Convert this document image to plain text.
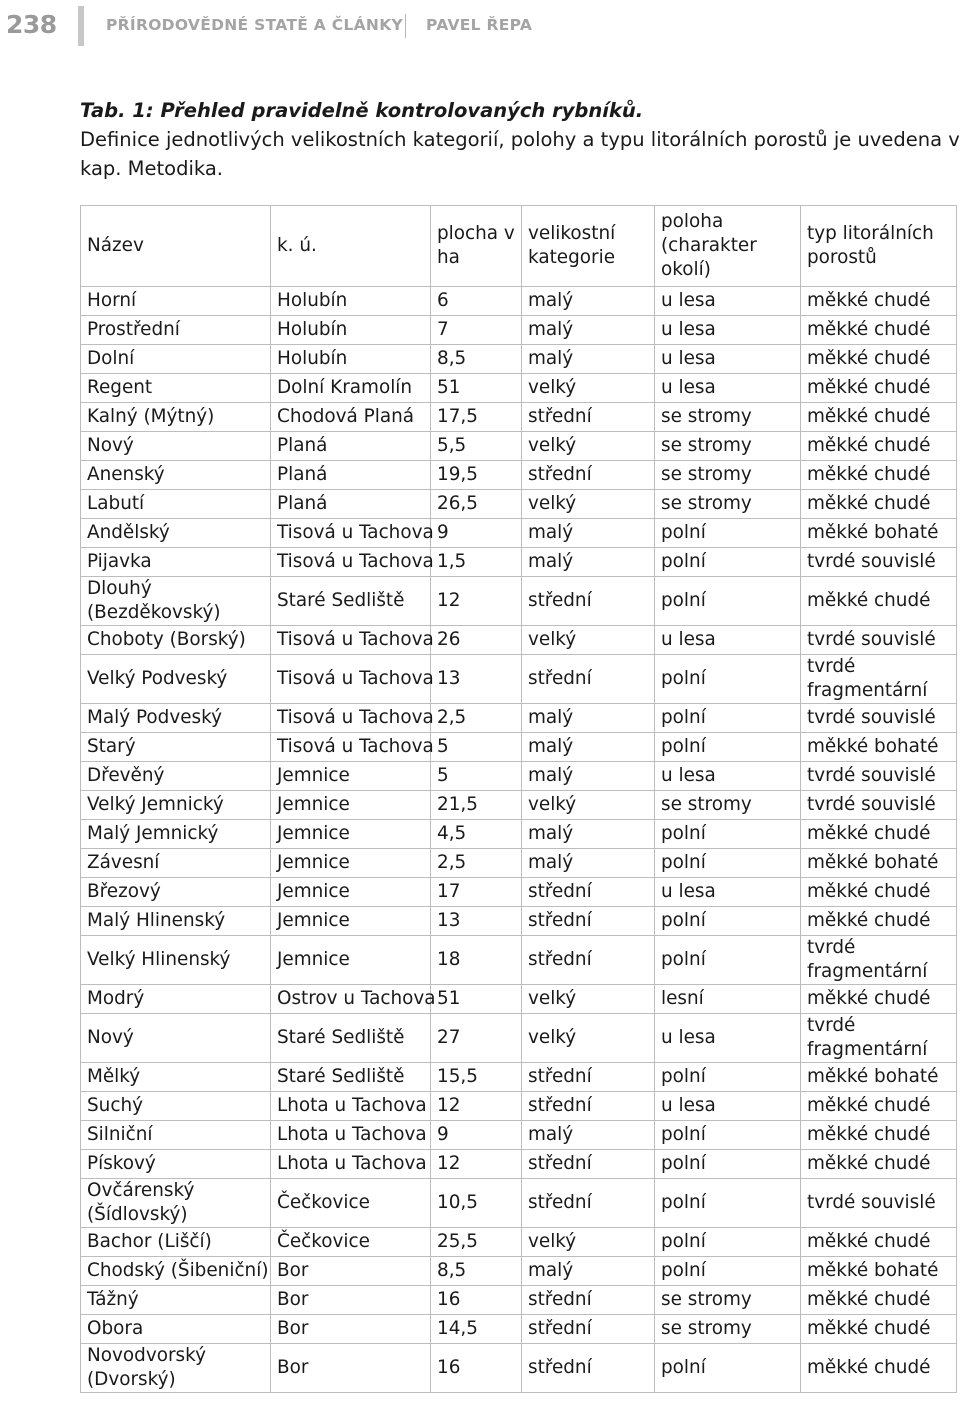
238	PŘÍRODOVĚDNÉ STATĚ A ČLÁNKY PAVEL ŘEPA
Tab. 1: Přehled pravidelně kontrolovaných rybníků.
Definice jednotlivých velikostních kategorií, polohy a typu litorálních porostů je uvedena v kap. Metodika.
Název	k. ú.	plocha v ha	velikostní kategorie	poloha (charakter okolí)	typ litorálních porostů
Horní	Holubín	6	malý	u lesa	měkké chudé
Prostřední	Holubín	7	malý	u lesa	měkké chudé
Dolní	Holubín	8,5	malý	u lesa	měkké chudé
Regent	Dolní Kramolín	51	velký	u lesa	měkké chudé
Kalný (Mýtný)	Chodová Planá	17,5	střední	se stromy	měkké chudé
Nový	Planá	5,5	velký	se stromy	měkké chudé
Anenský	Planá	19,5	střední	se stromy	měkké chudé
Labutí	Planá	26,5	velký	se stromy	měkké chudé
Andělský	Tisová u Tachova	9	malý	polní	měkké bohaté
Pijavka	Tisová u Tachova	1,5	malý	polní	tvrdé souvislé
Dlouhý (Bezděkovský)	Staré Sedliště	12	střední	polní	měkké chudé
Choboty (Borský)	Tisová u Tachova	26	velký	u lesa	tvrdé souvislé
Velký Podveský	Tisová u Tachova	13	střední	polní	tvrdé fragmentární
Malý Podveský	Tisová u Tachova	2,5	malý	polní	tvrdé souvislé
Starý	Tisová u Tachova	5	malý	polní	měkké bohaté
Dřevěný	Jemnice	5	malý	u lesa	tvrdé souvislé
Velký Jemnický	Jemnice	21,5	velký	se stromy	tvrdé souvislé
Malý Jemnický	Jemnice	4,5	malý	polní	měkké chudé
Závesní	Jemnice	2,5	malý	polní	měkké bohaté
Březový	Jemnice	17	střední	u lesa	měkké chudé
Malý Hlinenský	Jemnice	13	střední	polní	měkké chudé
Velký Hlinenský	Jemnice	18	střední	polní	tvrdé fragmentární
Modrý	Ostrov u Tachova	51	velký	lesní	měkké chudé
Nový	Staré Sedliště	27	velký	u lesa	tvrdé fragmentární
Mělký	Staré Sedliště	15,5	střední	polní	měkké bohaté
Suchý	Lhota u Tachova	12	střední	u lesa	měkké chudé
Silniční	Lhota u Tachova	9	malý	polní	měkké chudé
Pískový	Lhota u Tachova	12	střední	polní	měkké chudé
Ovčárenský (Šídlovský)	Čečkovice	10,5	střední	polní	tvrdé souvislé
Bachor (Liščí)	Čečkovice	25,5	velký	polní	měkké chudé
Chodský (Šibeniční)	Bor	8,5	malý	polní	měkké bohaté
Tážný	Bor	16	střední	se stromy	měkké chudé
Obora	Bor	14,5	střední	se stromy	měkké chudé
Novodvorský (Dvorský)	Bor	16	střední	polní	měkké chudé
